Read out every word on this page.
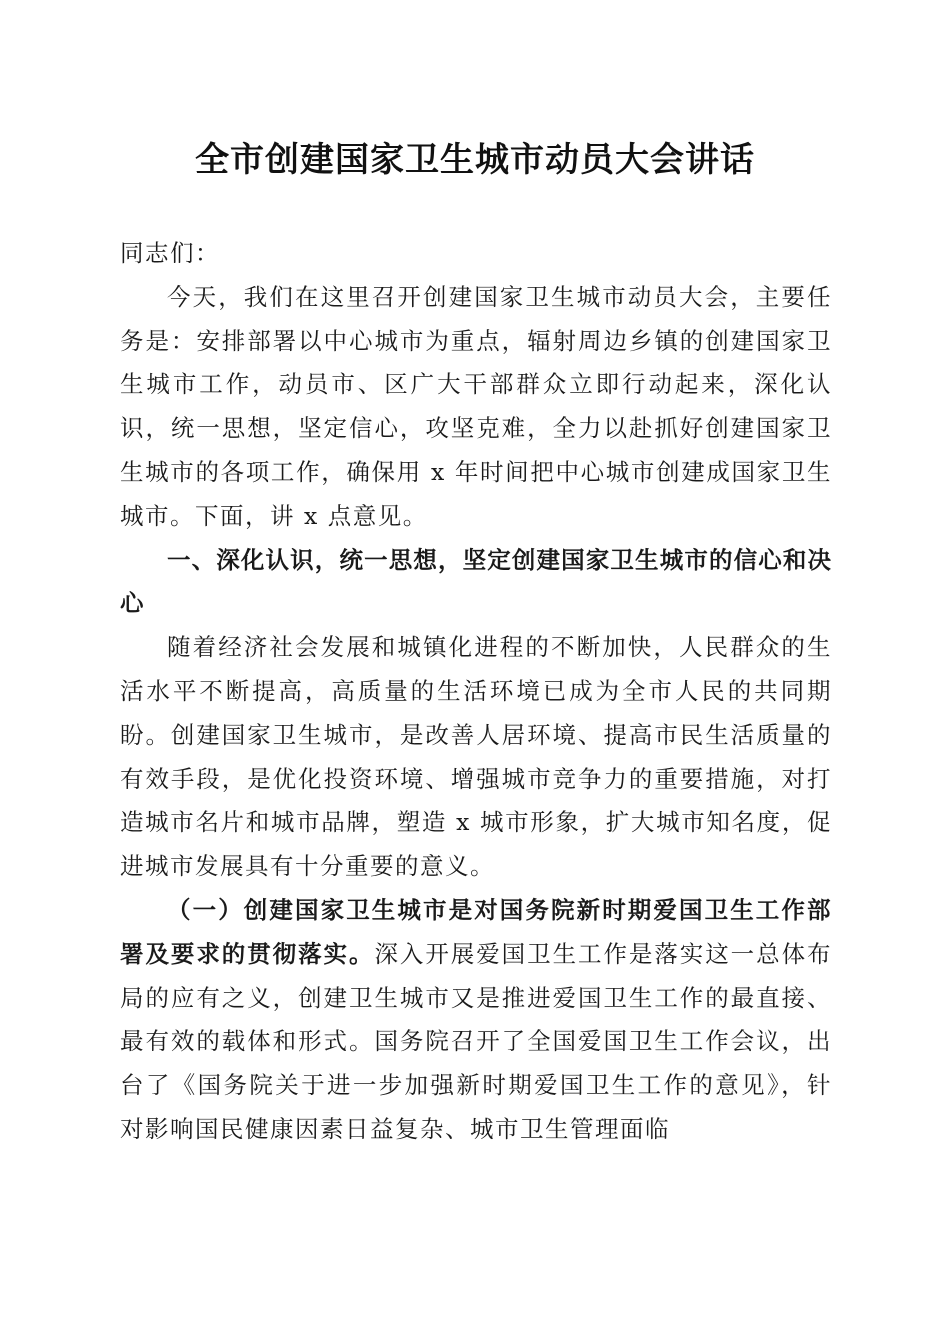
全市创建国家卫生城市动员大会讲话

同志们：

今天，我们在这里召开创建国家卫生城市动员大会，主要任务是：安排部署以中心城市为重点，辐射周边乡镇的创建国家卫生城市工作，动员市、区广大干部群众立即行动起来，深化认识，统一思想，坚定信心，攻坚克难，全力以赴抓好创建国家卫生城市的各项工作，确保用 x 年时间把中心城市创建成国家卫生城市。下面，讲 x 点意见。

一、深化认识，统一思想，坚定创建国家卫生城市的信心和决心

随着经济社会发展和城镇化进程的不断加快，人民群众的生活水平不断提高，高质量的生活环境已成为全市人民的共同期盼。创建国家卫生城市，是改善人居环境、提高市民生活质量的有效手段，是优化投资环境、增强城市竞争力的重要措施，对打造城市名片和城市品牌，塑造 x 城市形象，扩大城市知名度，促进城市发展具有十分重要的意义。

（一）创建国家卫生城市是对国务院新时期爱国卫生工作部署及要求的贯彻落实。深入开展爱国卫生工作是落实这一总体布局的应有之义，创建卫生城市又是推进爱国卫生工作的最直接、最有效的载体和形式。国务院召开了全国爱国卫生工作会议，出台了《国务院关于进一步加强新时期爱国卫生工作的意见》，针对影响国民健康因素日益复杂、城市卫生管理面临
